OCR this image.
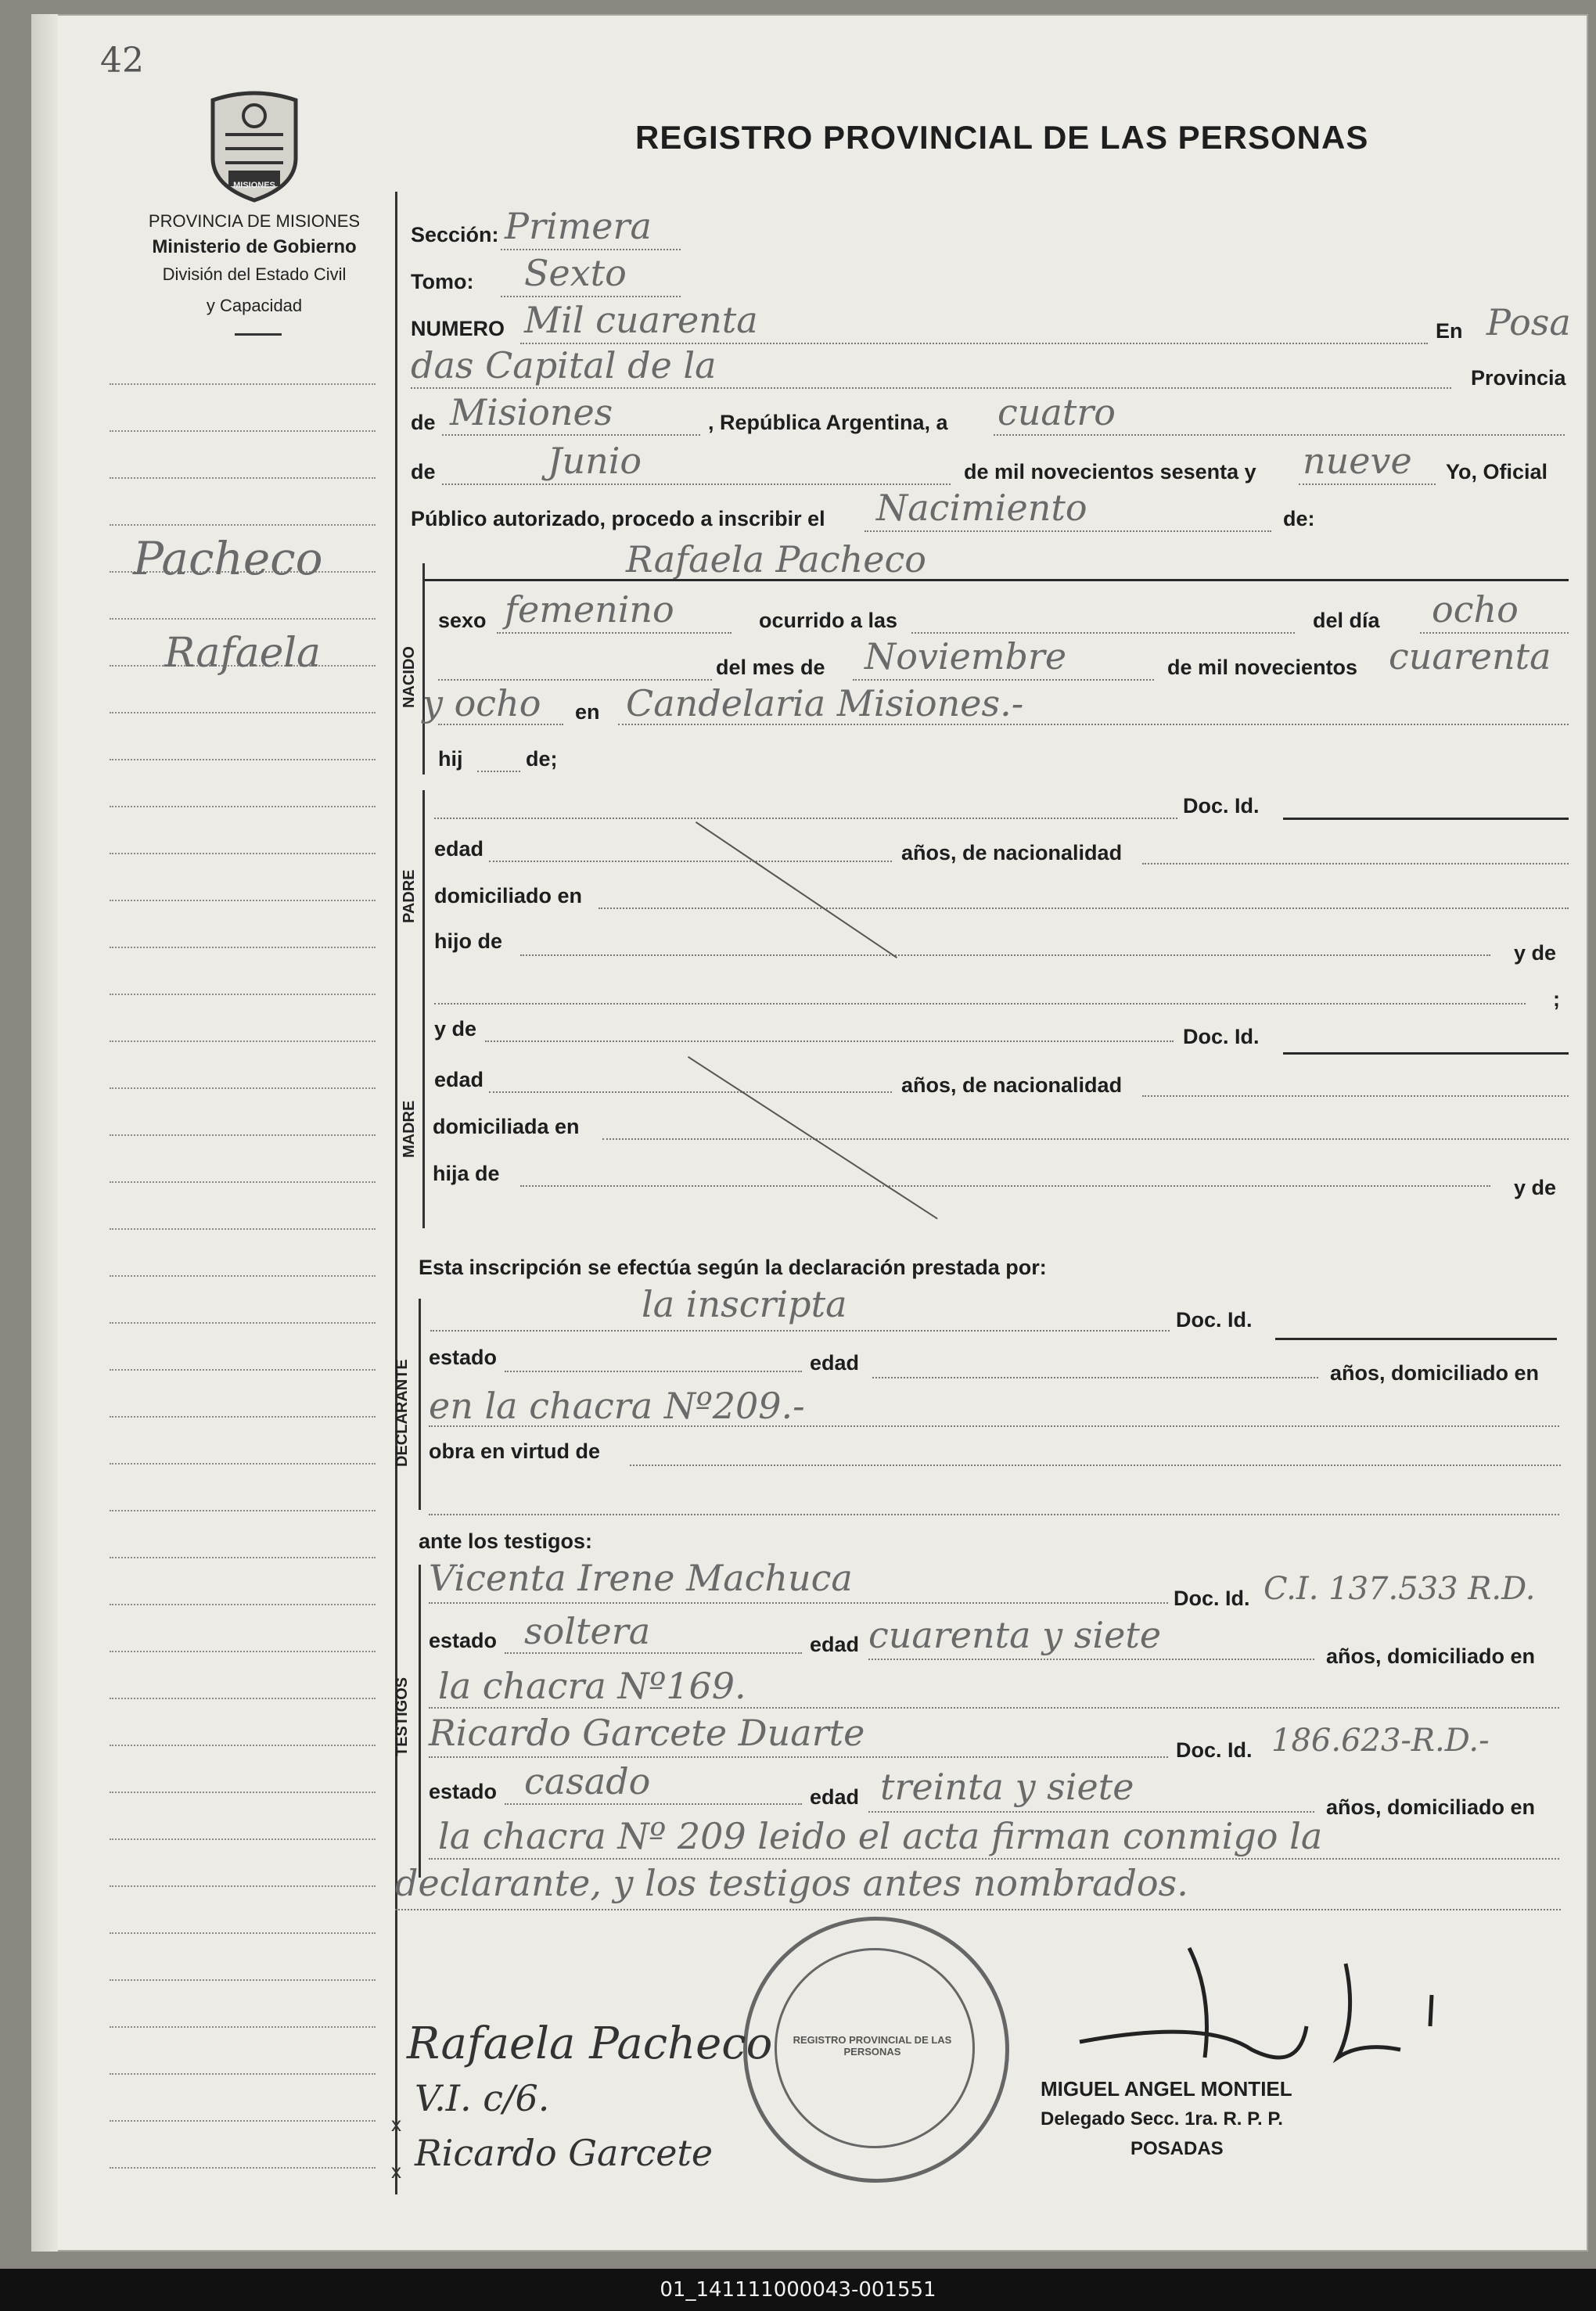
42
MISIONES
PROVINCIA DE MISIONES
Ministerio de Gobierno
División del Estado Civil
y Capacidad
REGISTRO PROVINCIAL DE LAS PERSONAS
Pacheco
Rafaela
Sección: Primera
Tomo: Sexto
NUMERO Mil cuarenta	En Posa
das Capital de la	Provincia
de Misiones	, República Argentina, a cuatro
de	Junio	de mil novecientos sesenta y nueve Yo, Oficial
Público autorizado, procedo a inscribir el Nacimiento	de:
Rafaela Pacheco
NACIDO
sexo femenino	ocurrido a las	del día ocho
del mes de Noviembre	de mil novecientos cuarenta
y ocho en Candelaria Misiones.-
hij	de;
PADRE
Doc. Id.
edad	años, de nacionalidad
domiciliado en
hijo de	y de
;
MADRE
y de	Doc. Id.
edad	años, de nacionalidad
domiciliada en
hija de
y de
Esta inscripción se efectúa según la declaración prestada por:
DECLARANTE
la inscripta	Doc. Id.
estado	edad	años, domiciliado en
en la chacra Nº209.-
obra en virtud de
ante los testigos:
TESTIGOS
Vicenta Irene Machuca	Doc. Id. C.I. 137.533 R.D.
estado soltera	edad cuarenta y siete	años, domiciliado en
la chacra Nº169.
Ricardo Garcete Duarte	Doc. Id. 186.623-R.D.-
estado casado	edad treinta y siete	años, domiciliado en
la chacra Nº 209 leido el acta firman conmigo la
declarante, y los testigos antes nombrados.
REGISTRO PROVINCIAL DE LAS PERSONAS
Rafaela Pacheco
x
V.I. c/6.
x Ricardo Garcete
MIGUEL ANGEL MONTIEL
Delegado Secc. 1ra. R. P. P.
POSADAS
01_141111000043-001551
